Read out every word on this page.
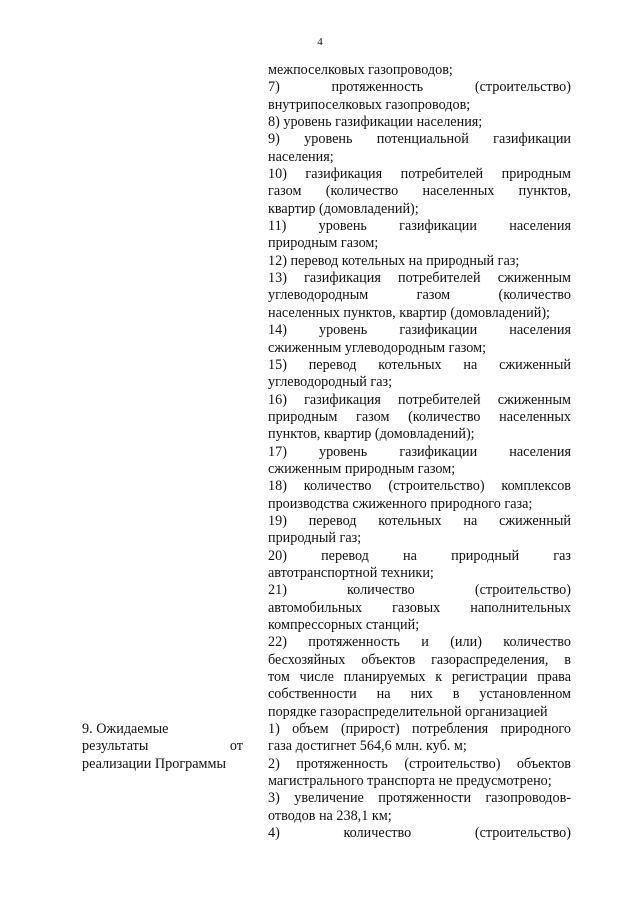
4
9. Ожидаемые
результаты от
реализации Программы
межпоселковых газопроводов;
7) протяженность (строительство)
внутрипоселковых газопроводов;
8) уровень газификации населения;
9) уровень потенциальной газификации
населения;
10) газификация потребителей природным
газом (количество населенных пунктов,
квартир (домовладений);
11) уровень газификации населения
природным газом;
12) перевод котельных на природный газ;
13) газификация потребителей сжиженным
углеводородным газом (количество
населенных пунктов, квартир (домовладений);
14) уровень газификации населения
сжиженным углеводородным газом;
15) перевод котельных на сжиженный
углеводородный газ;
16) газификация потребителей сжиженным
природным газом (количество населенных
пунктов, квартир (домовладений);
17) уровень газификации населения
сжиженным природным газом;
18) количество (строительство) комплексов
производства сжиженного природного газа;
19) перевод котельных на сжиженный
природный газ;
20) перевод на природный газ
автотранспортной техники;
21) количество (строительство)
автомобильных газовых наполнительных
компрессорных станций;
22) протяженность и (или) количество
бесхозяйных объектов газораспределения, в
том числе планируемых к регистрации права
собственности на них в установленном
порядке газораспределительной организацией
1) объем (прирост) потребления природного
газа достигнет 564,6 млн. куб. м;
2) протяженность (строительство) объектов
магистрального транспорта не предусмотрено;
3) увеличение протяженности газопроводов-
отводов на 238,1 км;
4) количество (строительство)
